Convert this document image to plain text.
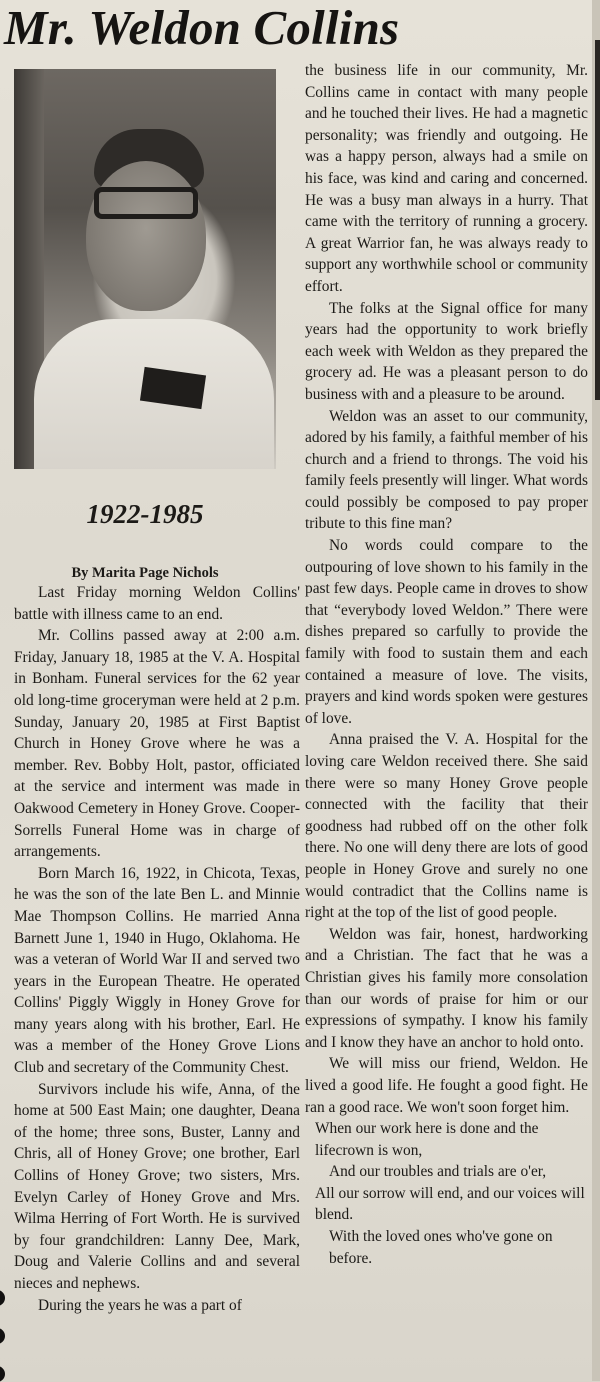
Mr. Weldon Collins
1922-1985
By Marita Page Nichols

Last Friday morning Weldon Collins' battle with illness came to an end.

Mr. Collins passed away at 2:00 a.m. Friday, January 18, 1985 at the V. A. Hospital in Bonham. Funeral services for the 62 year old long-time groceryman were held at 2 p.m. Sunday, January 20, 1985 at First Baptist Church in Honey Grove where he was a member. Rev. Bobby Holt, pastor, officiated at the service and interment was made in Oakwood Cemetery in Honey Grove. Cooper-Sorrells Funeral Home was in charge of arrangements.

Born March 16, 1922, in Chicota, Texas, he was the son of the late Ben L. and Minnie Mae Thompson Collins. He married Anna Barnett June 1, 1940 in Hugo, Oklahoma. He was a veteran of World War II and served two years in the European Theatre. He operated Collins' Piggly Wiggly in Honey Grove for many years along with his brother, Earl. He was a member of the Honey Grove Lions Club and secretary of the Community Chest.

Survivors include his wife, Anna, of the home at 500 East Main; one daughter, Deana of the home; three sons, Buster, Lanny and Chris, all of Honey Grove; one brother, Earl Collins of Honey Grove; two sisters, Mrs. Evelyn Carley of Honey Grove and Mrs. Wilma Herring of Fort Worth. He is survived by four grandchildren: Lanny Dee, Mark, Doug and Valerie Collins and and several nieces and nephews.

During the years he was a part of

the business life in our community, Mr. Collins came in contact with many people and he touched their lives. He had a magnetic personality; was friendly and outgoing. He was a happy person, always had a smile on his face, was kind and caring and concerned. He was a busy man always in a hurry. That came with the territory of running a grocery. A great Warrior fan, he was always ready to support any worthwhile school or community effort.

The folks at the Signal office for many years had the opportunity to work briefly each week with Weldon as they prepared the grocery ad. He was a pleasant person to do business with and a pleasure to be around.

Weldon was an asset to our community, adored by his family, a faithful member of his church and a friend to throngs. The void his family feels presently will linger. What words could possibly be composed to pay proper tribute to this fine man?

No words could compare to the outpouring of love shown to his family in the past few days. People came in droves to show that “everybody loved Weldon.” There were dishes prepared so carfully to provide the family with food to sustain them and each contained a measure of love. The visits, prayers and kind words spoken were gestures of love.

Anna praised the V. A. Hospital for the loving care Weldon received there. She said there were so many Honey Grove people connected with the facility that their goodness had rubbed off on the other folk there. No one will deny there are lots of good people in Honey Grove and surely no one would contradict that the Collins name is right at the top of the list of good people.

Weldon was fair, honest, hardworking and a Christian. The fact that he was a Christian gives his family more consolation than our words of praise for him or our expressions of sympathy. I know his family and I know they have an anchor to hold onto.

We will miss our friend, Weldon. He lived a good life. He fought a good fight. He ran a good race. We won't soon forget him.

When our work here is done and the lifecrown is won,

And our troubles and trials are o'er,

All our sorrow will end, and our voices will blend.

With the loved ones who've gone on before.
